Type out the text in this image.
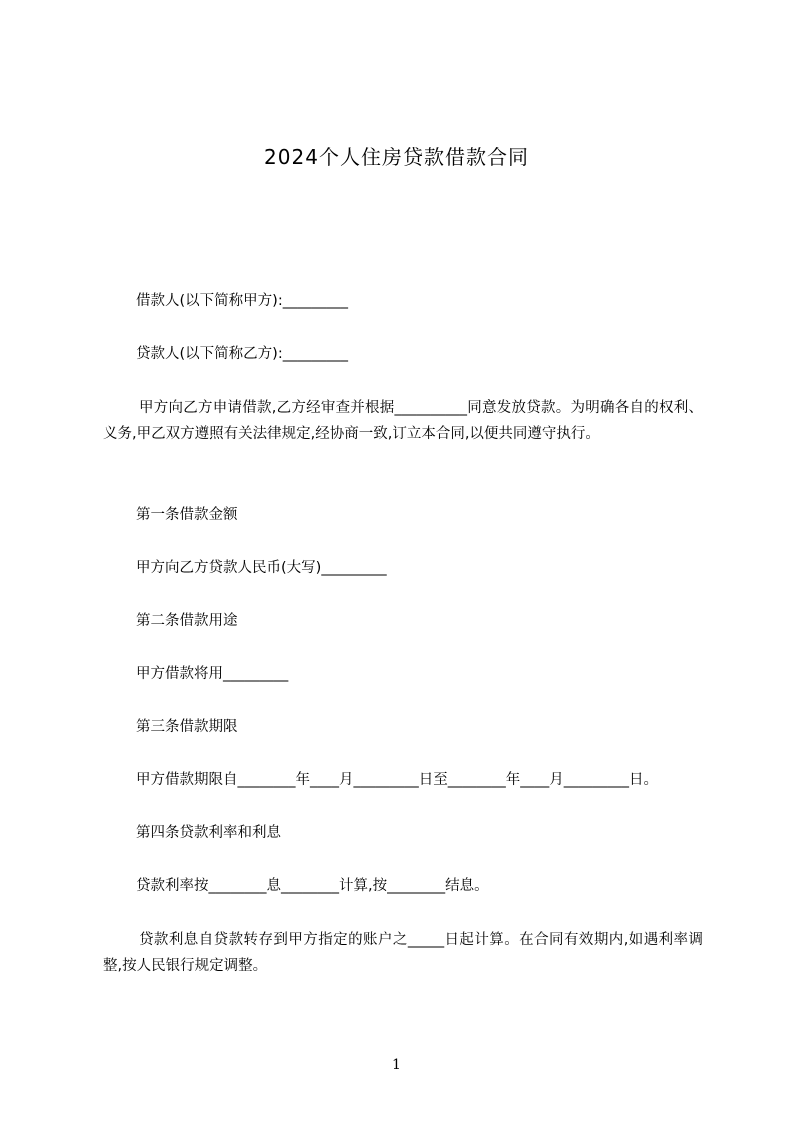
2024个人住房贷款借款合同
借款人(以下简称甲方):_________
贷款人(以下简称乙方):_________
甲方向乙方申请借款,乙方经审查并根据__________同意发放贷款。为明确各自的权利、义务,甲乙双方遵照有关法律规定,经协商一致,订立本合同,以便共同遵守执行。
第一条借款金额
甲方向乙方贷款人民币(大写)_________
第二条借款用途
甲方借款将用_________
第三条借款期限
甲方借款期限自________年____月_________日至________年____月_________日。
第四条贷款利率和利息
贷款利率按________息________计算,按________结息。
贷款利息自贷款转存到甲方指定的账户之_____日起计算。在合同有效期内,如遇利率调整,按人民银行规定调整。
1
